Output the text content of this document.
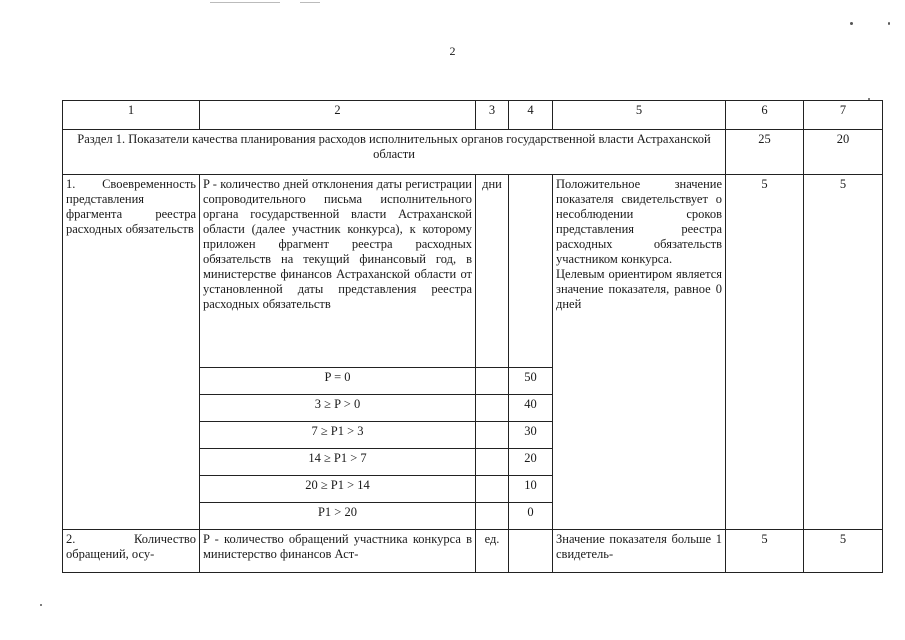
2
1	2	3	4	5	6	7
Раздел 1. Показатели качества планирования расходов исполнительных органов государственной власти Астраханской области					25	20
1. Своевременность представления фрагмента реестра расходных обязательств	P - количество дней отклонения даты регистрации сопроводительного письма исполнительного органа государственной власти Астраханской области (далее участник конкурса), к которому приложен фрагмент реестра расходных обязательств на текущий финансовый год, в министерстве финансов Астраханской области от установленной даты представления реестра расходных обязательств	дни		Положительное значение показателя свидетельствует о несоблюдении сроков представления реестра расходных обязательств участником конкурса.
Целевым ориентиром является значение показателя, равное 0 дней	5	5
	P = 0		50			
	3 ≥ P > 0		40			
	7 ≥ P1 > 3		30			
	14 ≥ P1 > 7		20			
	20 ≥ P1 > 14		10			
	P1 > 20		0			
2. Количество обращений, осу-	P - количество обращений участника конкурса в министерство финансов Аст-	ед.		Значение показателя больше 1 свидетель-	5	5
